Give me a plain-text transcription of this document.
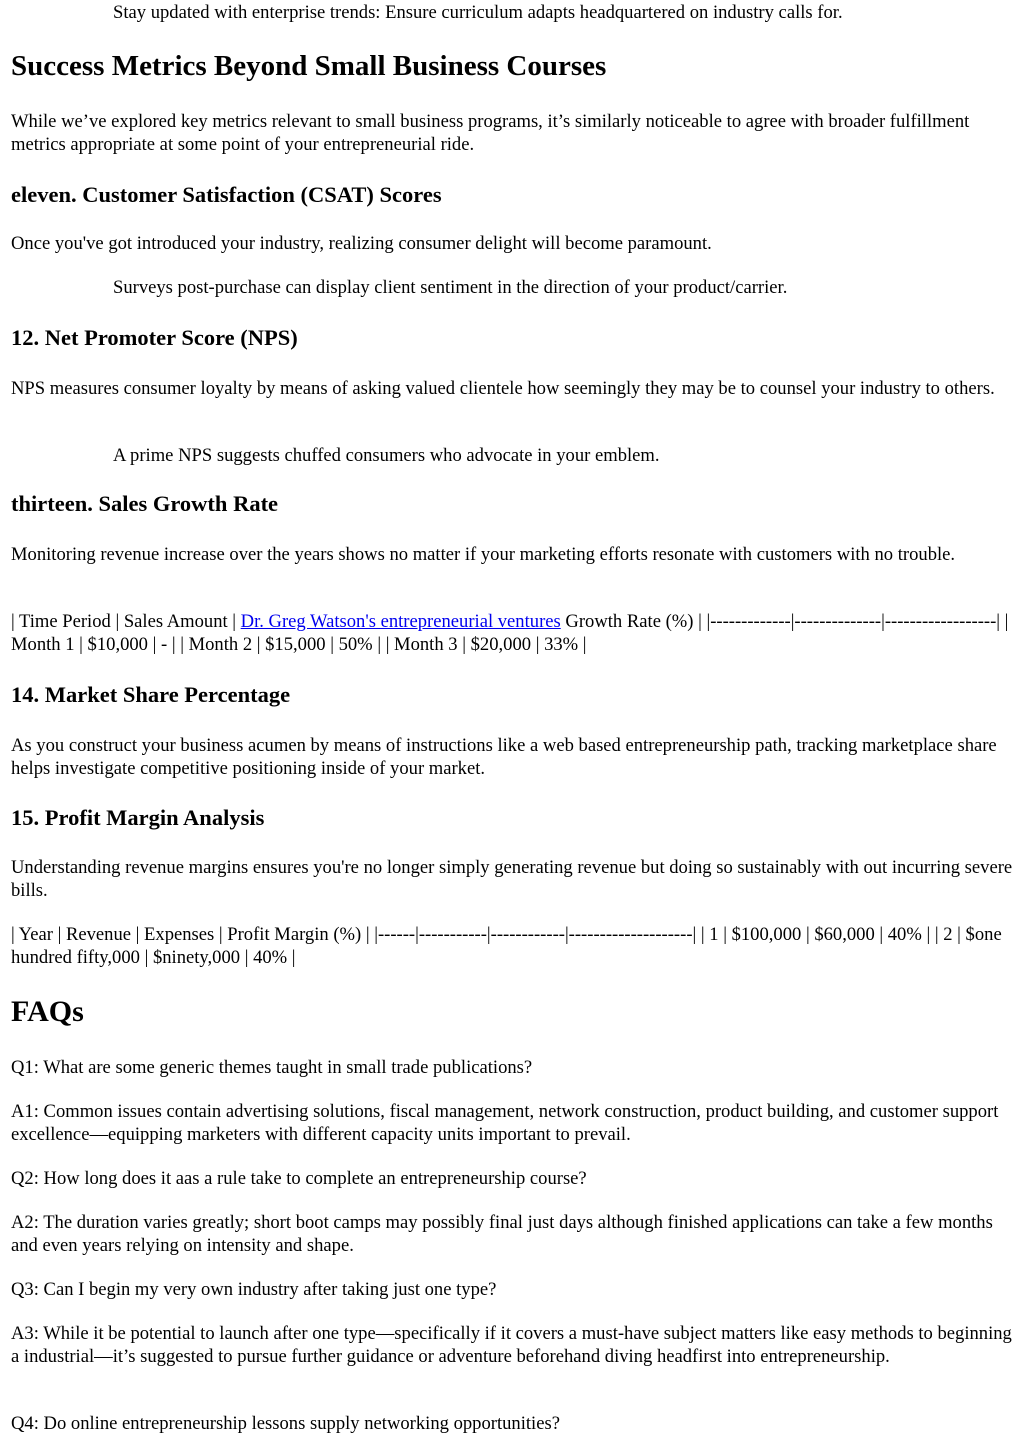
Stay updated with enterprise trends: Ensure curriculum adapts headquartered on industry calls for.
Success Metrics Beyond Small Business Courses

While we’ve explored key metrics relevant to small business programs, it’s similarly noticeable to agree with broader fulfillment metrics appropriate at some point of your entrepreneurial ride.

eleven. Customer Satisfaction (CSAT) Scores

Once you've got introduced your industry, realizing consumer delight will become paramount.

Surveys post-purchase can display client sentiment in the direction of your product/carrier.
12. Net Promoter Score (NPS)

NPS measures consumer loyalty by means of asking valued clientele how seemingly they may be to counsel your industry to others.

A prime NPS suggests chuffed consumers who advocate in your emblem.
thirteen. Sales Growth Rate

Monitoring revenue increase over the years shows no matter if your marketing efforts resonate with customers with no trouble.

| Time Period | Sales Amount | Dr. Greg Watson's entrepreneurial ventures Growth Rate (%) | |-------------|--------------|------------------| | Month 1 | $10,000 | - | | Month 2 | $15,000 | 50% | | Month 3 | $20,000 | 33% |

14. Market Share Percentage

As you construct your business acumen by means of instructions like a web based entrepreneurship path, tracking marketplace share helps investigate competitive positioning inside of your market.

15. Profit Margin Analysis

Understanding revenue margins ensures you're no longer simply generating revenue but doing so sustainably with out incurring severe bills.

| Year | Revenue | Expenses | Profit Margin (%) | |------|-----------|------------|--------------------| | 1 | $100,000 | $60,000 | 40% | | 2 | $one hundred fifty,000 | $ninety,000 | 40% |

FAQs

Q1: What are some generic themes taught in small trade publications?

A1: Common issues contain advertising solutions, fiscal management, network construction, product building, and customer support excellence—equipping marketers with different capacity units important to prevail.

Q2: How long does it aas a rule take to complete an entrepreneurship course?

A2: The duration varies greatly; short boot camps may possibly final just days although finished applications can take a few months and even years relying on intensity and shape.

Q3: Can I begin my very own industry after taking just one type?

A3: While it be potential to launch after one type—specifically if it covers a must-have subject matters like easy methods to beginning a industrial—it’s suggested to pursue further guidance or adventure beforehand diving headfirst into entrepreneurship.

Q4: Do online entrepreneurship lessons supply networking opportunities?
